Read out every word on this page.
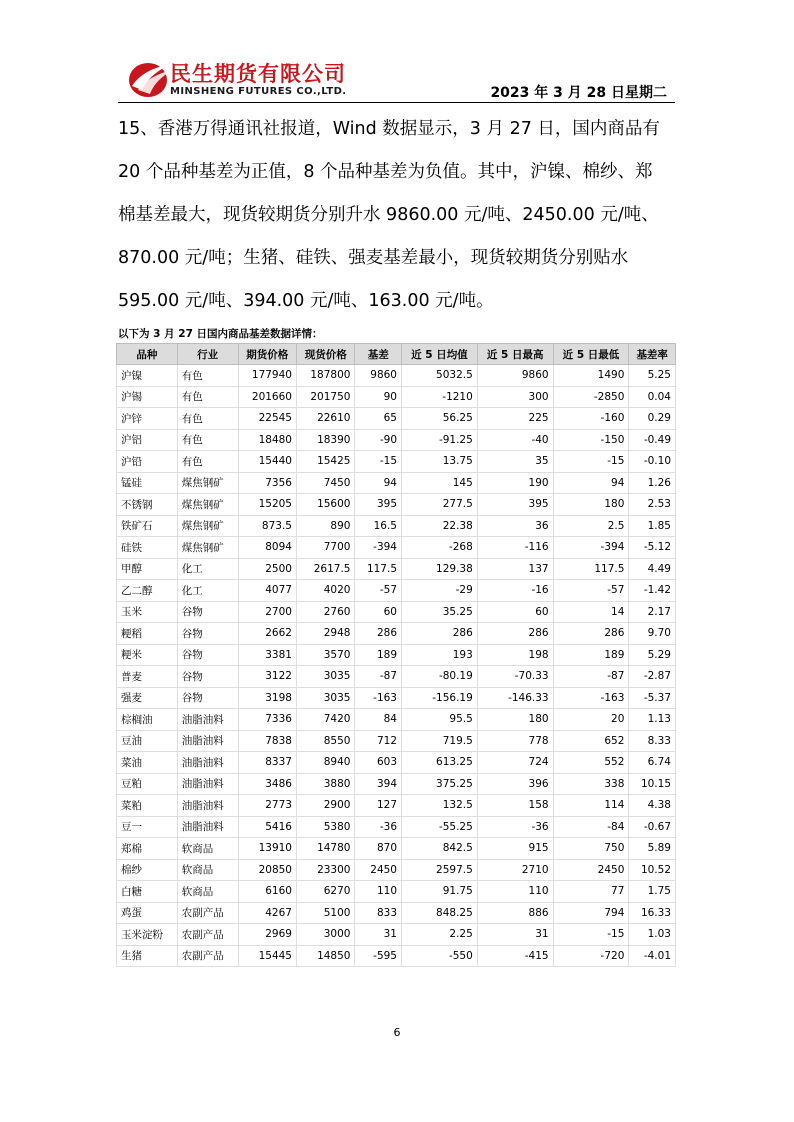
民生期货有限公司
MINSHENG FUTURES CO.,LTD.	2023 年 3 月 28 日星期二
15、香港万得通讯社报道，Wind 数据显示，3 月 27 日，国内商品有
20 个品种基差为正值，8 个品种基差为负值。其中，沪镍、棉纱、郑
棉基差最大，现货较期货分别升水 9860.00 元/吨、2450.00 元/吨、
870.00 元/吨；生猪、硅铁、强麦基差最小，现货较期货分别贴水
595.00 元/吨、394.00 元/吨、163.00 元/吨。
以下为 3 月 27 日国内商品基差数据详情：
品种	行业	期货价格	现货价格	基差	近 5 日均值	近 5 日最高	近 5 日最低	基差率
沪镍	有色	177940	187800	9860	5032.5	9860	1490	5.25
沪锡	有色	201660	201750	90	-1210	300	-2850	0.04
沪锌	有色	22545	22610	65	56.25	225	-160	0.29
沪铝	有色	18480	18390	-90	-91.25	-40	-150	-0.49
沪铅	有色	15440	15425	-15	13.75	35	-15	-0.10
锰硅	煤焦钢矿	7356	7450	94	145	190	94	1.26
不锈钢	煤焦钢矿	15205	15600	395	277.5	395	180	2.53
铁矿石	煤焦钢矿	873.5	890	16.5	22.38	36	2.5	1.85
硅铁	煤焦钢矿	8094	7700	-394	-268	-116	-394	-5.12
甲醇	化工	2500	2617.5	117.5	129.38	137	117.5	4.49
乙二醇	化工	4077	4020	-57	-29	-16	-57	-1.42
玉米	谷物	2700	2760	60	35.25	60	14	2.17
粳稻	谷物	2662	2948	286	286	286	286	9.70
粳米	谷物	3381	3570	189	193	198	189	5.29
普麦	谷物	3122	3035	-87	-80.19	-70.33	-87	-2.87
强麦	谷物	3198	3035	-163	-156.19	-146.33	-163	-5.37
棕榈油	油脂油料	7336	7420	84	95.5	180	20	1.13
豆油	油脂油料	7838	8550	712	719.5	778	652	8.33
菜油	油脂油料	8337	8940	603	613.25	724	552	6.74
豆粕	油脂油料	3486	3880	394	375.25	396	338	10.15
菜粕	油脂油料	2773	2900	127	132.5	158	114	4.38
豆一	油脂油料	5416	5380	-36	-55.25	-36	-84	-0.67
郑棉	软商品	13910	14780	870	842.5	915	750	5.89
棉纱	软商品	20850	23300	2450	2597.5	2710	2450	10.52
白糖	软商品	6160	6270	110	91.75	110	77	1.75
鸡蛋	农副产品	4267	5100	833	848.25	886	794	16.33
玉米淀粉	农副产品	2969	3000	31	2.25	31	-15	1.03
生猪	农副产品	15445	14850	-595	-550	-415	-720	-4.01
6
